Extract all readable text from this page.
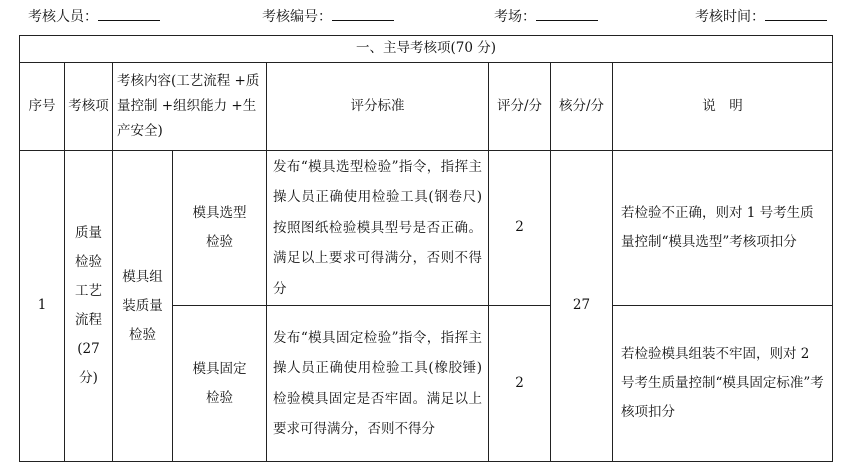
考核人员：	考核编号：	考场：	考核时间：
一、主导考核项(70 分)							
序号	考核项	考核内容(工艺流程 +质量控制 +组织能力 +生产安全)		评分标准	评分/分	核分/分	说　明
1	质量检验工艺流程(27分)	模具组装质量检验	模具选型检验	发布“模具选型检验”指令，指挥主操人员正确使用检验工具(钢卷尺)按照图纸检验模具型号是否正确。满足以上要求可得满分，否则不得分	2	27	若检验不正确，则对 1 号考生质量控制“模具选型”考核项扣分
			模具固定检验	发布“模具固定检验”指令，指挥主操人员正确使用检验工具(橡胶锤)检验模具固定是否牢固。满足以上要求可得满分，否则不得分	2		若检验模具组装不牢固，则对 2 号考生质量控制“模具固定标准”考核项扣分
